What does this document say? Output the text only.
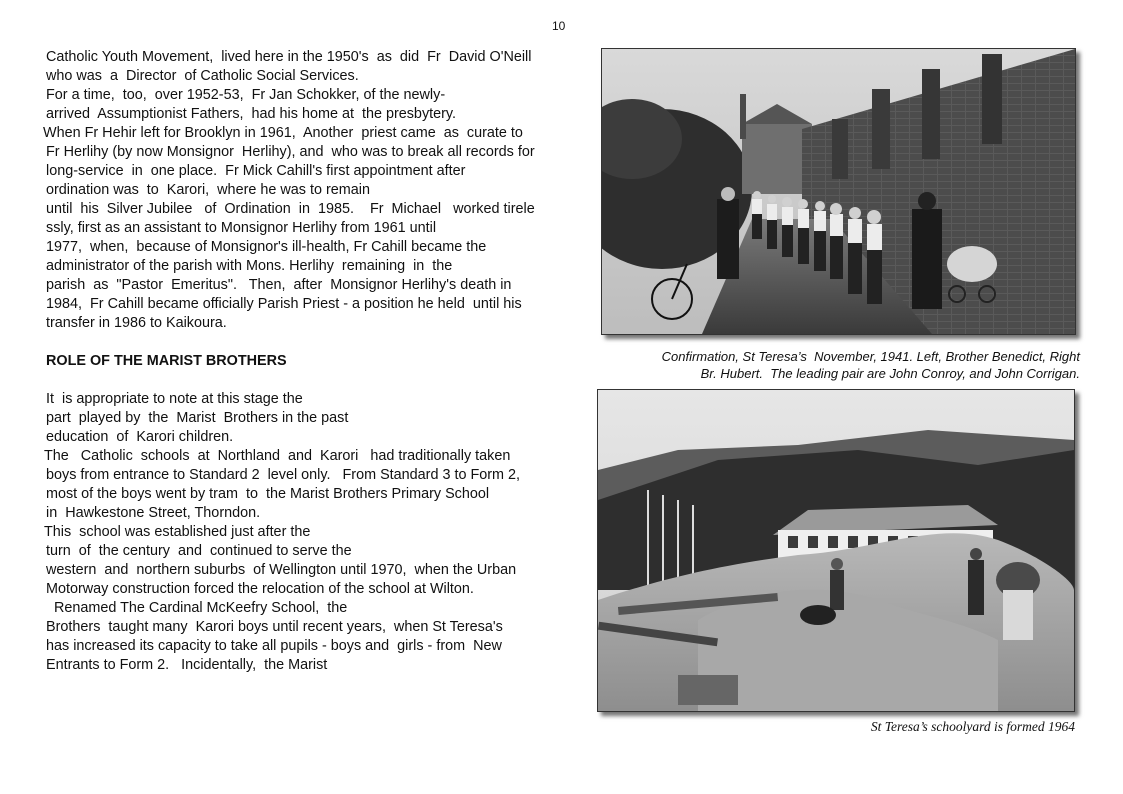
10
Catholic Youth Movement,  lived here in the 1950's  as  did  Fr  David O'Neill
who was  a  Director  of Catholic Social Services.
For a time,  too,  over 1952-53,  Fr Jan Schokker, of the newly-
arrived  Assumptionist Fathers,  had his home at  the presbytery.
When Fr Hehir left for Brooklyn in 1961,  Another  priest came  as  curate to
Fr Herlihy (by now Monsignor  Herlihy), and  who was to break all records for
long-service  in  one place.  Fr Mick Cahill's first appointment after
ordination was  to  Karori,  where he was to remain
until  his  Silver Jubilee   of  Ordination  in  1985.    Fr  Michael   worked tirele
ssly, first as an assistant to Monsignor Herlihy from 1961 until
1977,  when,  because of Monsignor's ill-health, Fr Cahill became the
administrator of the parish with Mons. Herlihy  remaining  in  the
parish  as  "Pastor  Emeritus".   Then,  after  Monsignor Herlihy's death in
1984,  Fr Cahill became officially Parish Priest - a position he held  until his
transfer in 1986 to Kaikoura.
ROLE OF THE MARIST BROTHERS
It  is appropriate to note at this stage the
part  played by  the  Marist  Brothers in the past
education  of  Karori children.
The   Catholic  schools  at  Northland  and  Karori   had traditionally taken
boys from entrance to Standard 2  level only.   From Standard 3 to Form 2,
most of the boys went by tram  to  the Marist Brothers Primary School
in  Hawkestone Street, Thorndon.
This  school was established just after the
turn  of  the century  and  continued to serve the
western  and  northern suburbs  of Wellington until 1970,  when the Urban
Motorway construction forced the relocation of the school at Wilton.
Renamed The Cardinal McKeefry School,  the
Brothers  taught many  Karori boys until recent years,  when St Teresa's
has increased its capacity to take all pupils - boys and  girls - from  New
Entrants to Form 2.   Incidentally,  the Marist
Confirmation, St Teresa’s  November, 1941. Left, Brother Benedict, Right
Br. Hubert.  The leading pair are John Conroy, and John Corrigan.
St Teresa’s schoolyard is formed 1964
